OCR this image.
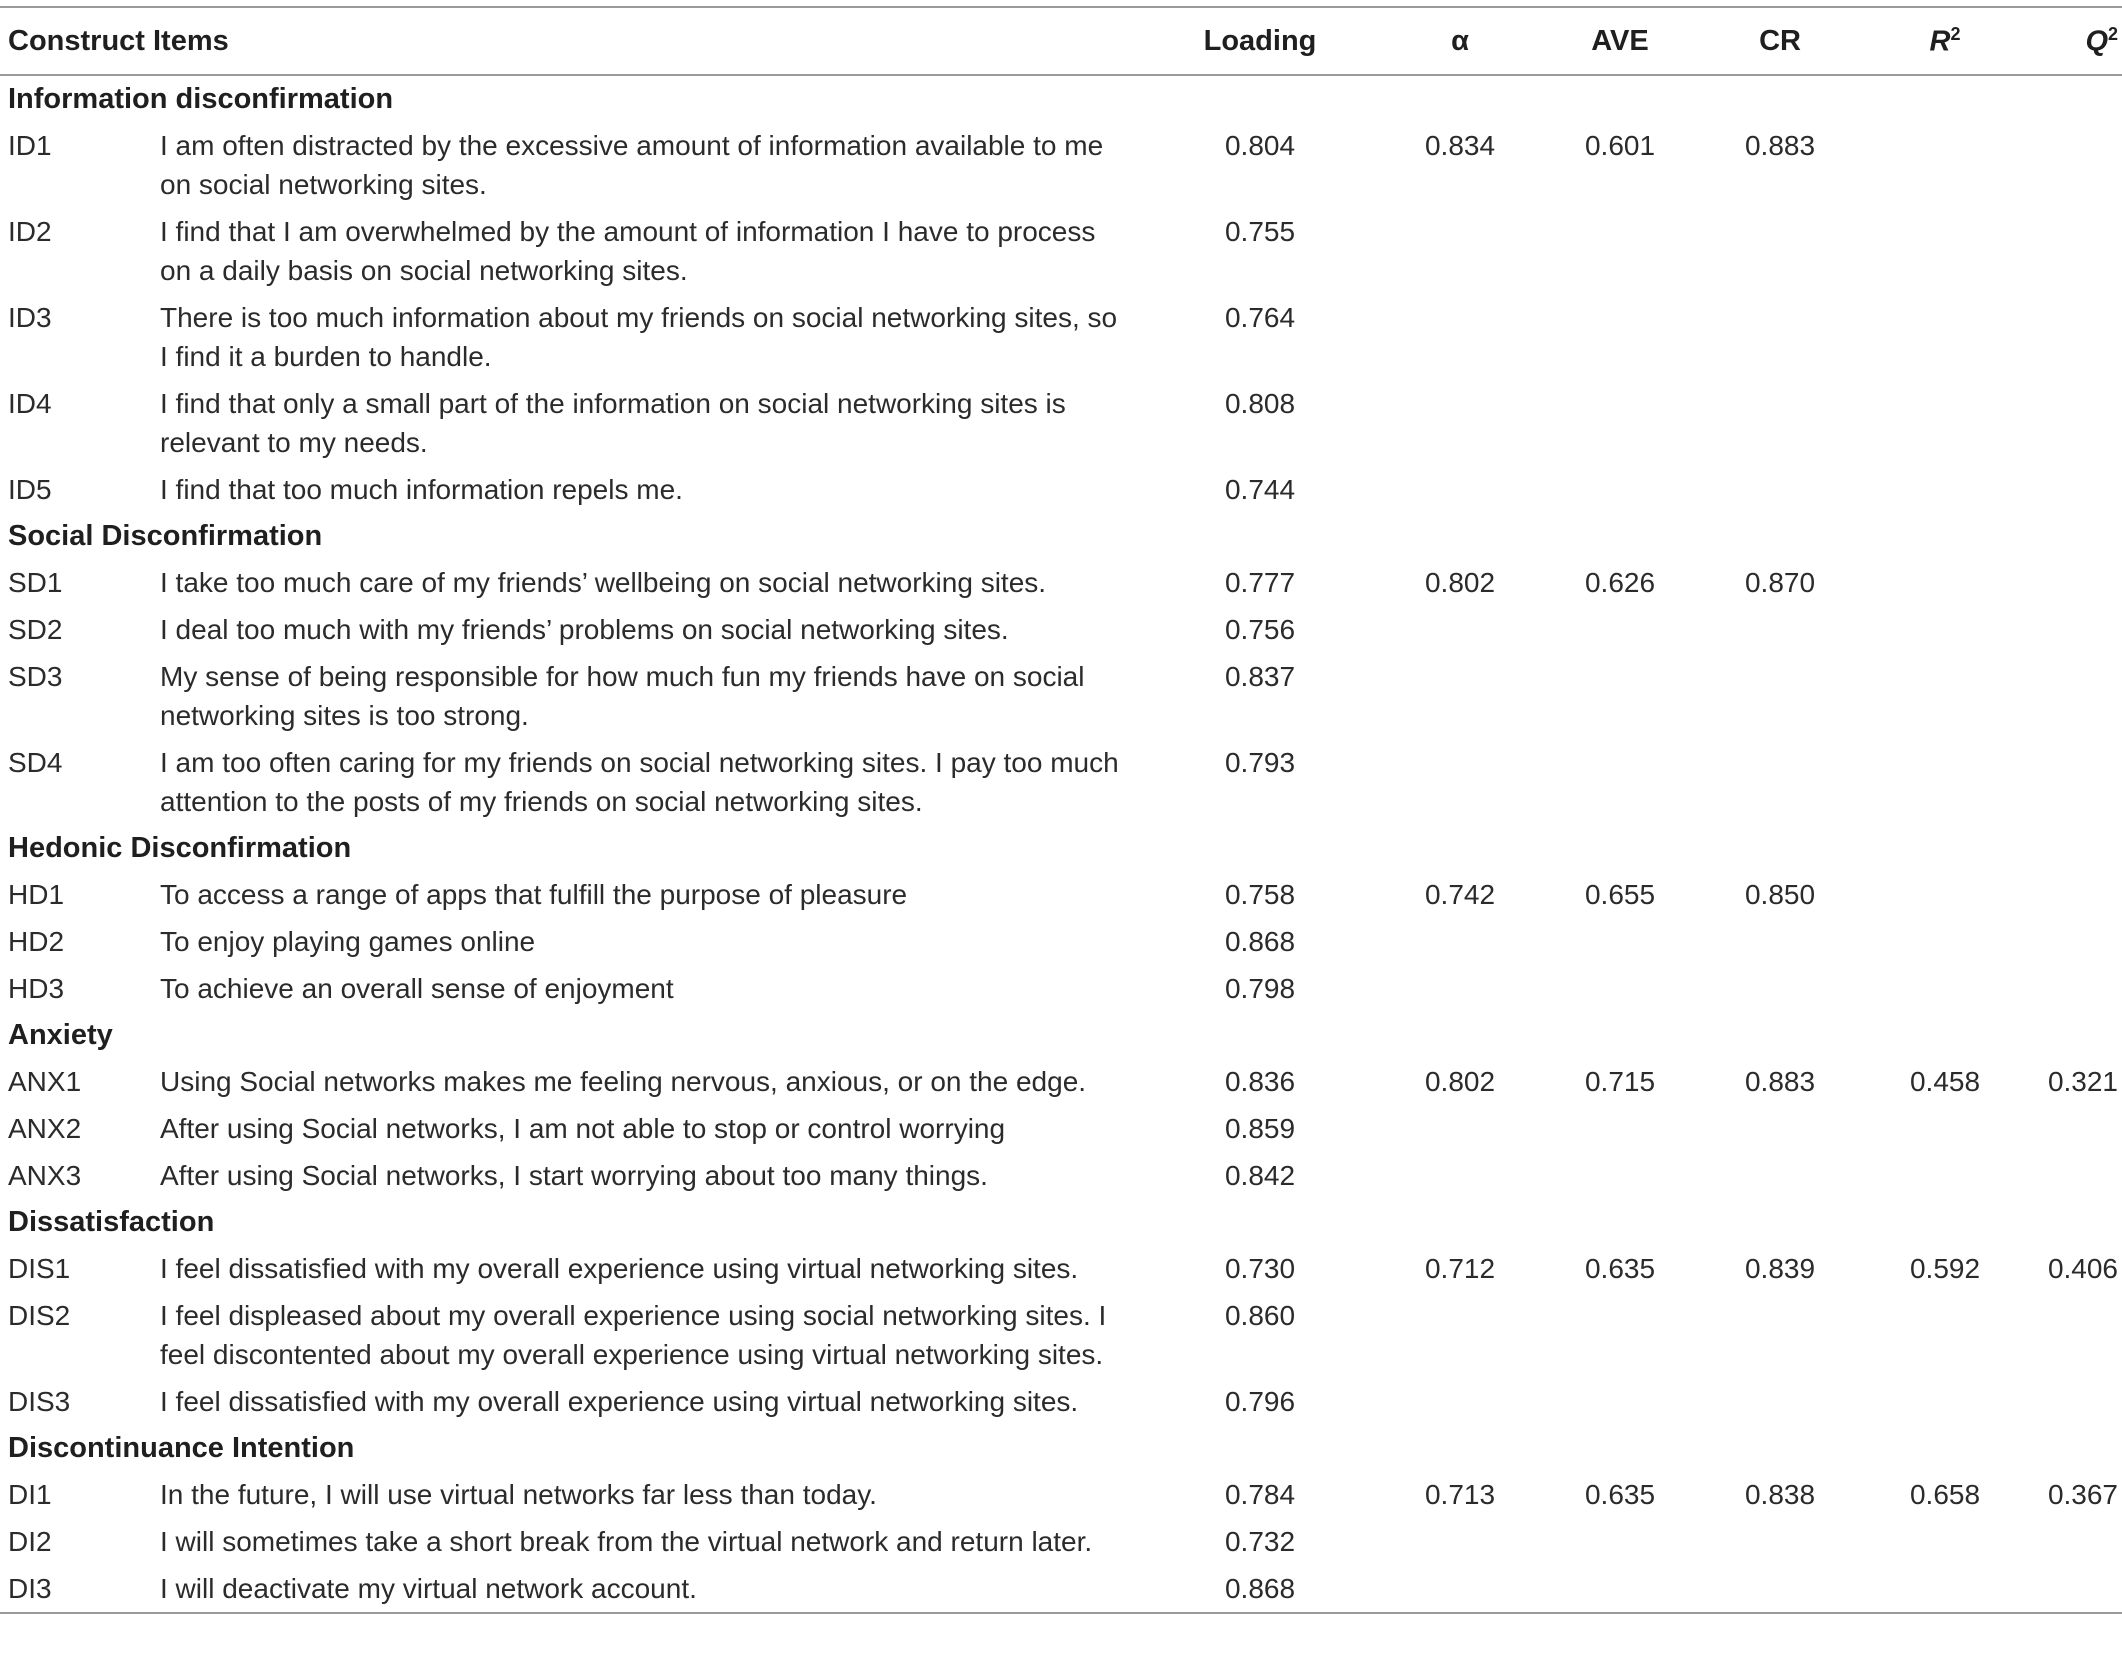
Construct Items		Loading	α	AVE	CR	$R^2$	$Q^2$
Information disconfirmation							
ID1	I am often distracted by the excessive amount of information available to me on social networking sites.	0.804	0.834	0.601	0.883		
ID2	I find that I am overwhelmed by the amount of information I have to process on a daily basis on social networking sites.	0.755					
ID3	There is too much information about my friends on social networking sites, so I find it a burden to handle.	0.764					
ID4	I find that only a small part of the information on social networking sites is relevant to my needs.	0.808					
ID5	I find that too much information repels me.	0.744					
Social Disconfirmation							
SD1	I take too much care of my friends’ wellbeing on social networking sites.	0.777	0.802	0.626	0.870		
SD2	I deal too much with my friends’ problems on social networking sites.	0.756					
SD3	My sense of being responsible for how much fun my friends have on social networking sites is too strong.	0.837					
SD4	I am too often caring for my friends on social networking sites. I pay too much attention to the posts of my friends on social networking sites.	0.793					
Hedonic Disconfirmation							
HD1	To access a range of apps that fulfill the purpose of pleasure	0.758	0.742	0.655	0.850		
HD2	To enjoy playing games online	0.868					
HD3	To achieve an overall sense of enjoyment	0.798					
Anxiety							
ANX1	Using Social networks makes me feeling nervous, anxious, or on the edge.	0.836	0.802	0.715	0.883	0.458	0.321
ANX2	After using Social networks, I am not able to stop or control worrying	0.859					
ANX3	After using Social networks, I start worrying about too many things.	0.842					
Dissatisfaction							
DIS1	I feel dissatisfied with my overall experience using virtual networking sites.	0.730	0.712	0.635	0.839	0.592	0.406
DIS2	I feel displeased about my overall experience using social networking sites. I feel discontented about my overall experience using virtual networking sites.	0.860					
DIS3	I feel dissatisfied with my overall experience using virtual networking sites.	0.796					
Discontinuance Intention							
DI1	In the future, I will use virtual networks far less than today.	0.784	0.713	0.635	0.838	0.658	0.367
DI2	I will sometimes take a short break from the virtual network and return later.	0.732					
DI3	I will deactivate my virtual network account.	0.868					
